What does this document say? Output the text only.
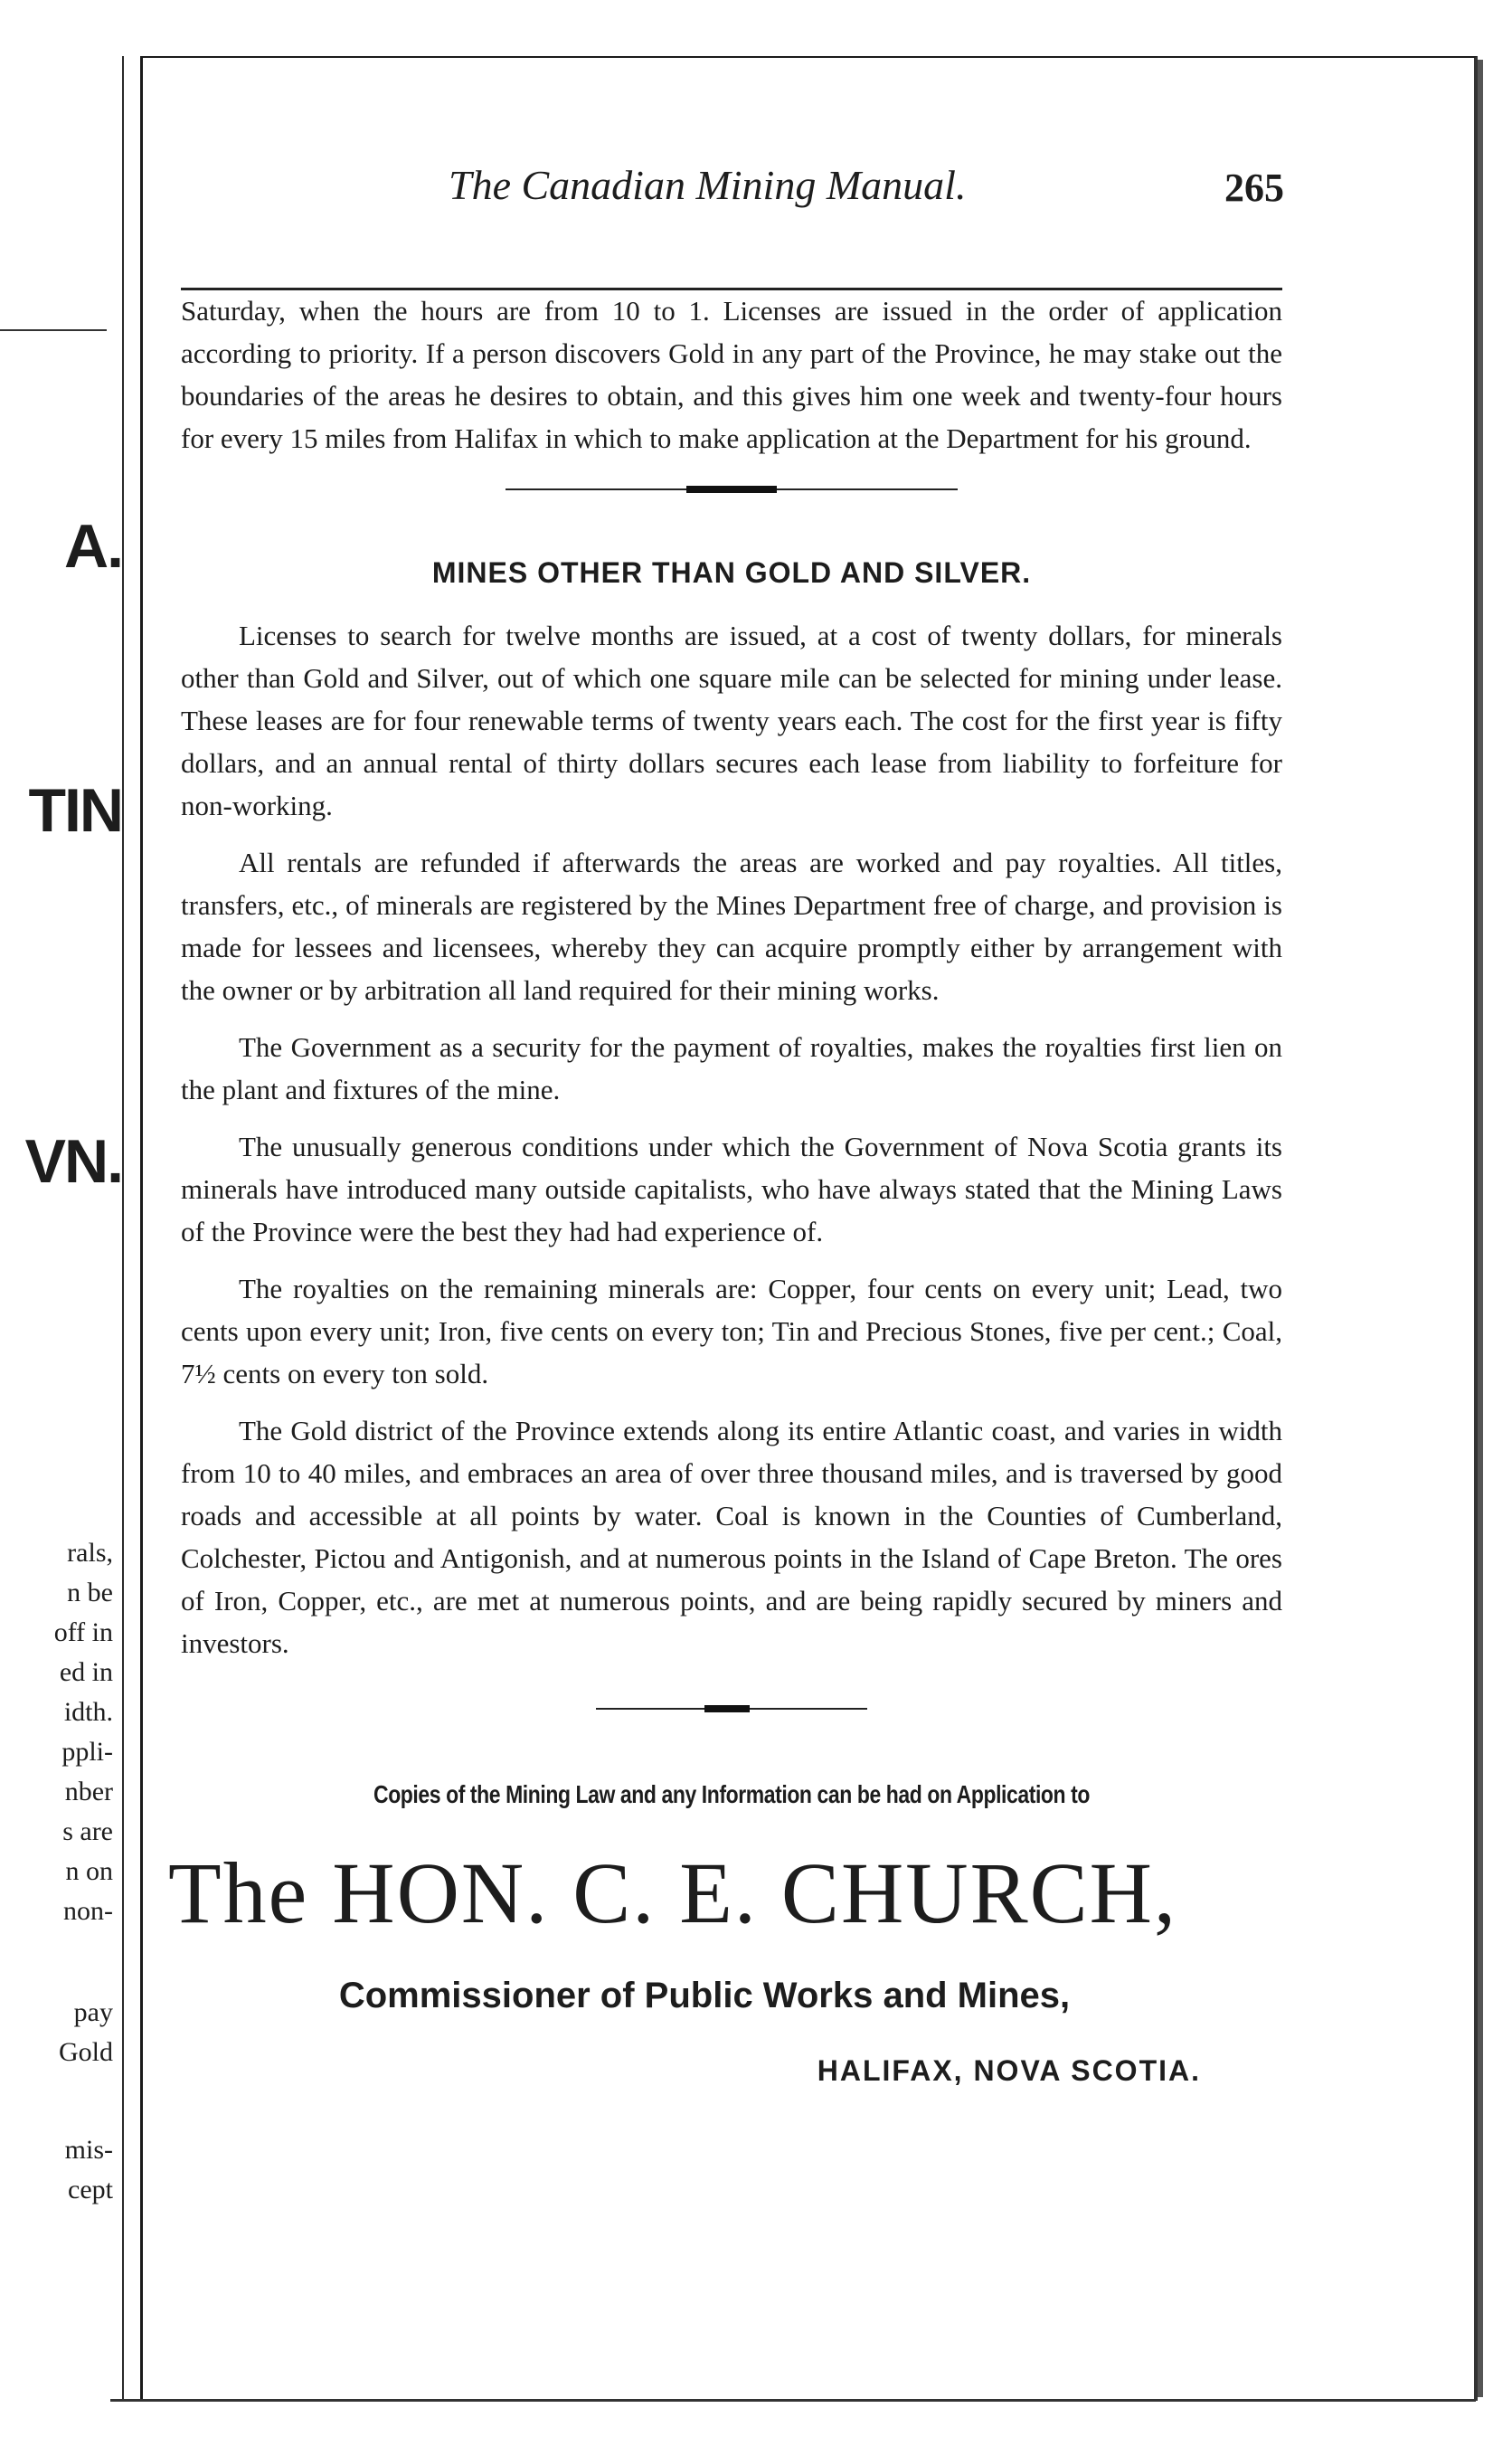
A.
TIN
VN.
rals,
n be
off in
ed in
idth.
ppli-
nber
s are
n on
non-
pay
Gold
mis-
cept
The Canadian Mining Manual.	265

Saturday, when the hours are from 10 to 1. Licenses are issued in the order of application according to priority. If a person discovers Gold in any part of the Province, he may stake out the boundaries of the areas he desires to obtain, and this gives him one week and twenty-four hours for every 15 miles from Halifax in which to make application at the Department for his ground.

MINES OTHER THAN GOLD AND SILVER.

Licenses to search for twelve months are issued, at a cost of twenty dollars, for minerals other than Gold and Silver, out of which one square mile can be selected for mining under lease. These leases are for four renewable terms of twenty years each. The cost for the first year is fifty dollars, and an annual rental of thirty dollars secures each lease from liability to forfeiture for non-working.

All rentals are refunded if afterwards the areas are worked and pay royalties. All titles, transfers, etc., of minerals are registered by the Mines Department free of charge, and provision is made for lessees and licensees, whereby they can acquire promptly either by arrangement with the owner or by arbitration all land required for their mining works.

The Government as a security for the payment of royalties, makes the royalties first lien on the plant and fixtures of the mine.

The unusually generous conditions under which the Government of Nova Scotia grants its minerals have introduced many outside capitalists, who have always stated that the Mining Laws of the Province were the best they had had experience of.

The royalties on the remaining minerals are: Copper, four cents on every unit; Lead, two cents upon every unit; Iron, five cents on every ton; Tin and Precious Stones, five per cent.; Coal, 7½ cents on every ton sold.

The Gold district of the Province extends along its entire Atlantic coast, and varies in width from 10 to 40 miles, and embraces an area of over three thousand miles, and is traversed by good roads and accessible at all points by water. Coal is known in the Counties of Cumberland, Colchester, Pictou and Antigonish, and at numerous points in the Island of Cape Breton. The ores of Iron, Copper, etc., are met at numerous points, and are being rapidly secured by miners and investors.

Copies of the Mining Law and any Information can be had on Application to
The HON. C. E. CHURCH,
Commissioner of Public Works and Mines,
HALIFAX, NOVA SCOTIA.
